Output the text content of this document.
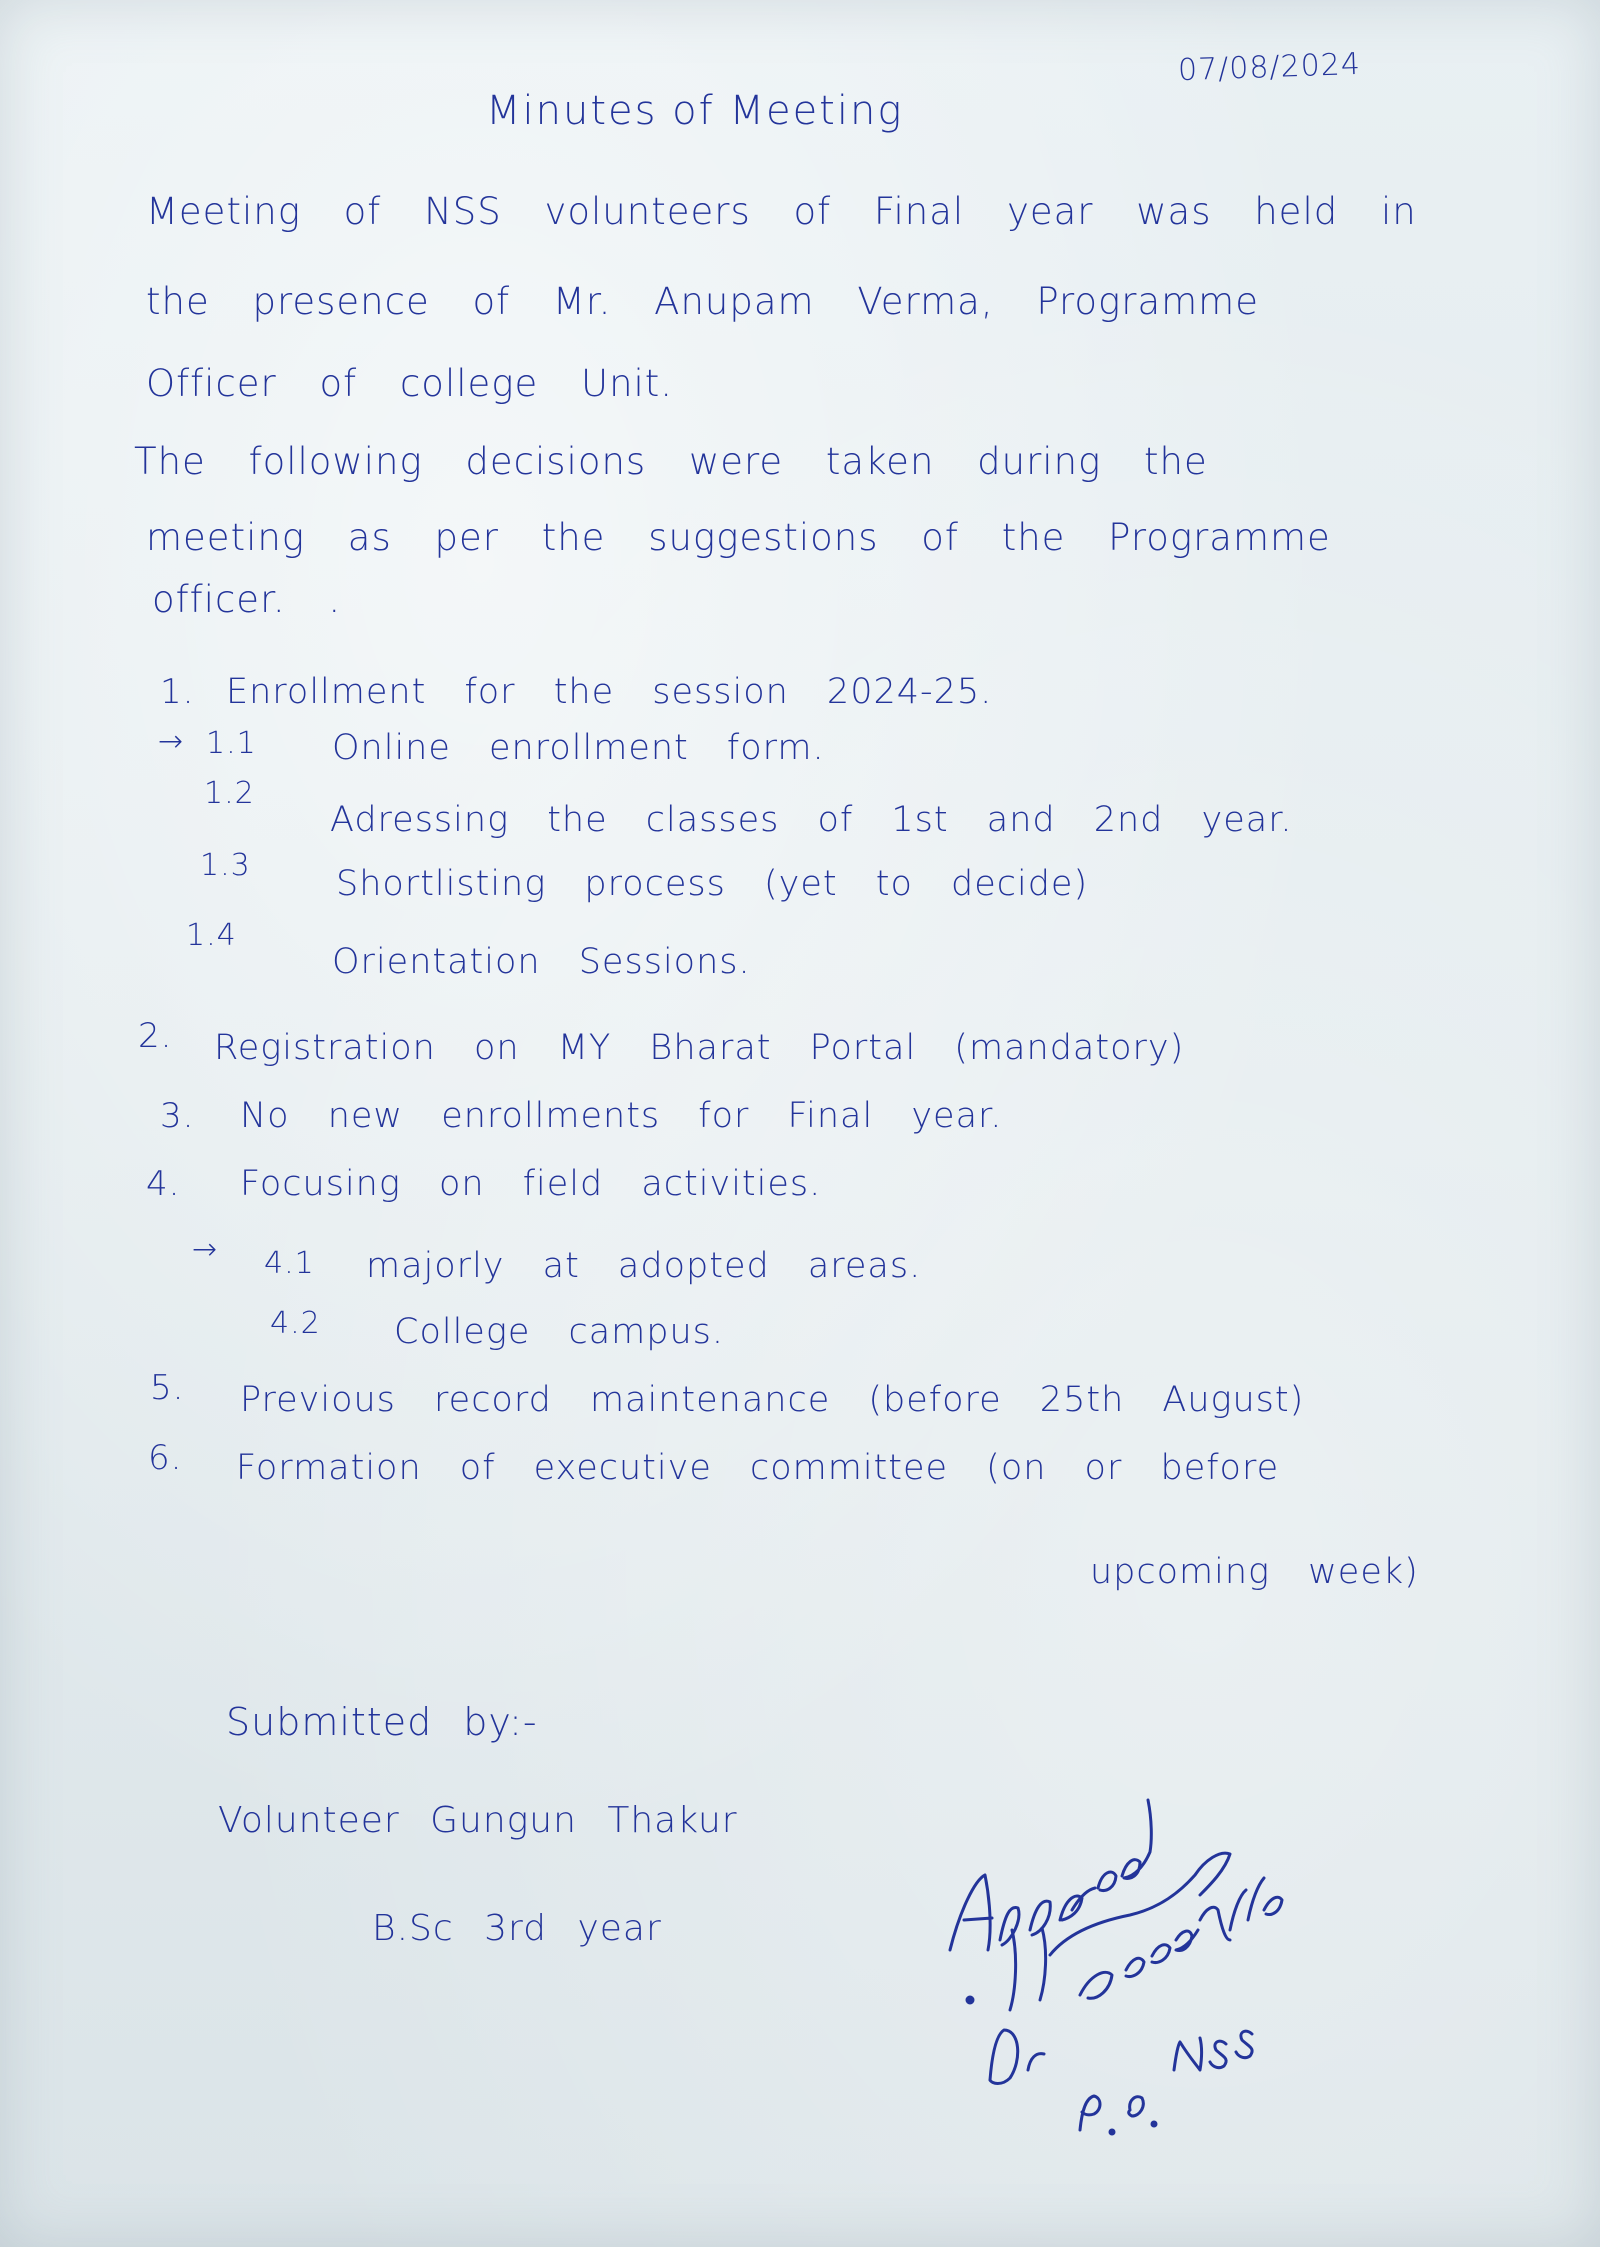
07/08/2024
Minutes of Meeting
Meeting of NSS volunteers of Final year was held in
the presence of Mr. Anupam Verma, Programme
Officer of college Unit.
The following decisions were taken during the
meeting as per the suggestions of the Programme
officer. .
1. Enrollment for the session 2024-25.
→ 1.1 Online enrollment form.
1.2
Adressing the classes of 1st and 2nd year.
1.3 Shortlisting process (yet to decide)
1.4
Orientation Sessions.
2. Registration on MY Bharat Portal (mandatory)
3. No new enrollments for Final year.
4. Focusing on field activities.
→ 4.1 majorly at adopted areas.
4.2 College campus.
5. Previous record maintenance (before 25th August)
6. Formation of executive committee (on or before
upcoming week)
Submitted by:-
Volunteer Gungun Thakur
B.Sc 3rd year
